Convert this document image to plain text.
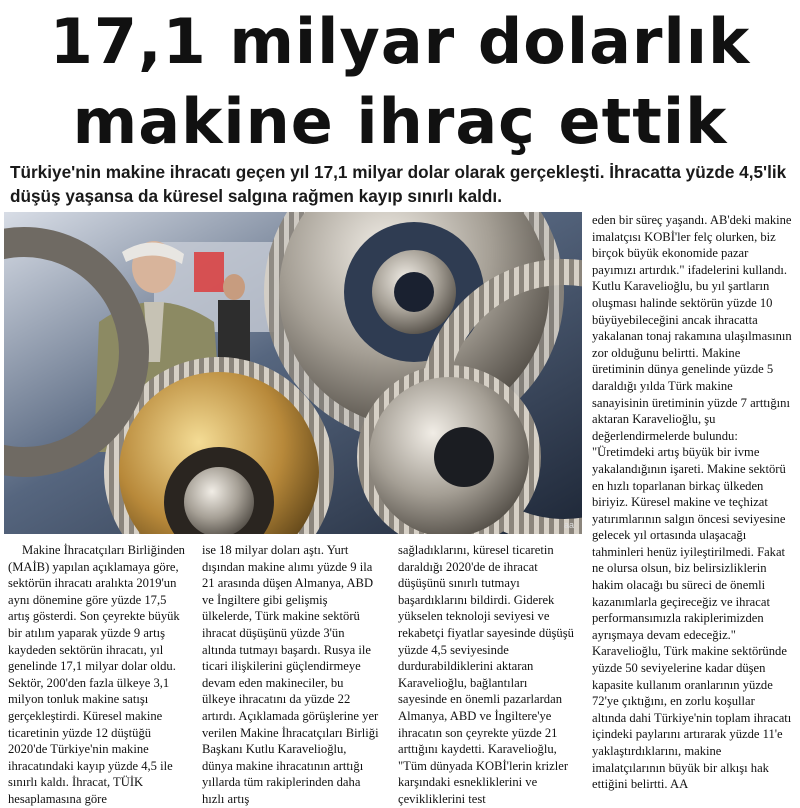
17,1 milyar dolarlık
makine ihraç ettik
Türkiye'nin makine ihracatı geçen yıl 17,1 milyar dolar olarak gerçekleşti. İhracatta yüzde 4,5'lik düşüş yaşansa da küresel salgına rağmen kayıp sınırlı kaldı.
aa

Makine İhracatçıları Birliğinden (MAİB) yapılan açıklamaya göre, sektörün ihracatı aralıkta 2019'un aynı dönemine göre yüzde 17,5 artış gösterdi. Son çeyrekte büyük bir atılım yaparak yüzde 9 artış kaydeden sektörün ihracatı, yıl genelinde 17,1 milyar dolar oldu. Sektör, 200'den fazla ülkeye 3,1 milyon tonluk makine satışı gerçekleştirdi. Küresel makine ticaretinin yüzde 12 düştüğü 2020'de Türkiye'nin makine ihracatındaki kayıp yüzde 4,5 ile sınırlı kaldı. İhracat, TÜİK hesaplamasına göre

ise 18 milyar doları aştı. Yurt dışından makine alımı yüzde 9 ila 21 arasında düşen Almanya, ABD ve İngiltere gibi gelişmiş ülkelerde, Türk makine sektörü ihracat düşüşünü yüzde 3'ün altında tutmayı başardı. Rusya ile ticari ilişkilerini güçlendirmeye devam eden makineciler, bu ülkeye ihracatını da yüzde 22 artırdı. Açıklamada görüşlerine yer verilen Makine İhracatçıları Birliği Başkanı Kutlu Karavelioğlu, dünya makine ihracatının arttığı yıllarda tüm rakiplerinden daha hızlı artış

sağladıklarını, küresel ticaretin daraldığı 2020'de de ihracat düşüşünü sınırlı tutmayı başardıklarını bildirdi. Giderek yükselen teknoloji seviyesi ve rekabetçi fiyatlar sayesinde düşüşü yüzde 4,5 seviyesinde durdurabildiklerini aktaran Karavelioğlu, bağlantıları sayesinde en önemli pazarlardan Almanya, ABD ve İngiltere'ye ihracatın son çeyrekte yüzde 21 arttığını kaydetti. Karavelioğlu, "Tüm dünyada KOBİ'lerin krizler karşındaki esnekliklerini ve çevikliklerini test

eden bir süreç yaşandı. AB'deki makine imalatçısı KOBİ'ler felç olurken, biz birçok büyük ekonomide pazar payımızı artırdık." ifadelerini kullandı. Kutlu Karavelioğlu, bu yıl şartların oluşması halinde sektörün yüzde 10 büyüyebileceğini ancak ihracatta yakalanan tonaj rakamına ulaşılmasının zor olduğunu belirtti. Makine üretiminin dünya genelinde yüzde 5 daraldığı yılda Türk makine sanayisinin üretiminin yüzde 7 arttığını aktaran Karavelioğlu, şu değerlendirmelerde bulundu: "Üretimdeki artış büyük bir ivme yakalandığının işareti. Makine sektörü en hızlı toparlanan birkaç ülkeden biriyiz. Küresel makine ve teçhizat yatırımlarının salgın öncesi seviyesine gelecek yıl ortasında ulaşacağı tahminleri henüz iyileştirilmedi. Fakat ne olursa olsun, biz belirsizliklerin hakim olacağı bu süreci de önemli kazanımlarla geçireceğiz ve ihracat performansımızla rakiplerimizden ayrışmaya devam edeceğiz." Karavelioğlu, Türk makine sektöründe yüzde 50 seviyelerine kadar düşen kapasite kullanım oranlarının yüzde 72'ye çıktığını, en zorlu koşullar altında dahi Türkiye'nin toplam ihracatı içindeki paylarını artırarak yüzde 11'e yaklaştırdıklarını, makine imalatçılarının büyük bir alkışı hak ettiğini belirtti. AA
